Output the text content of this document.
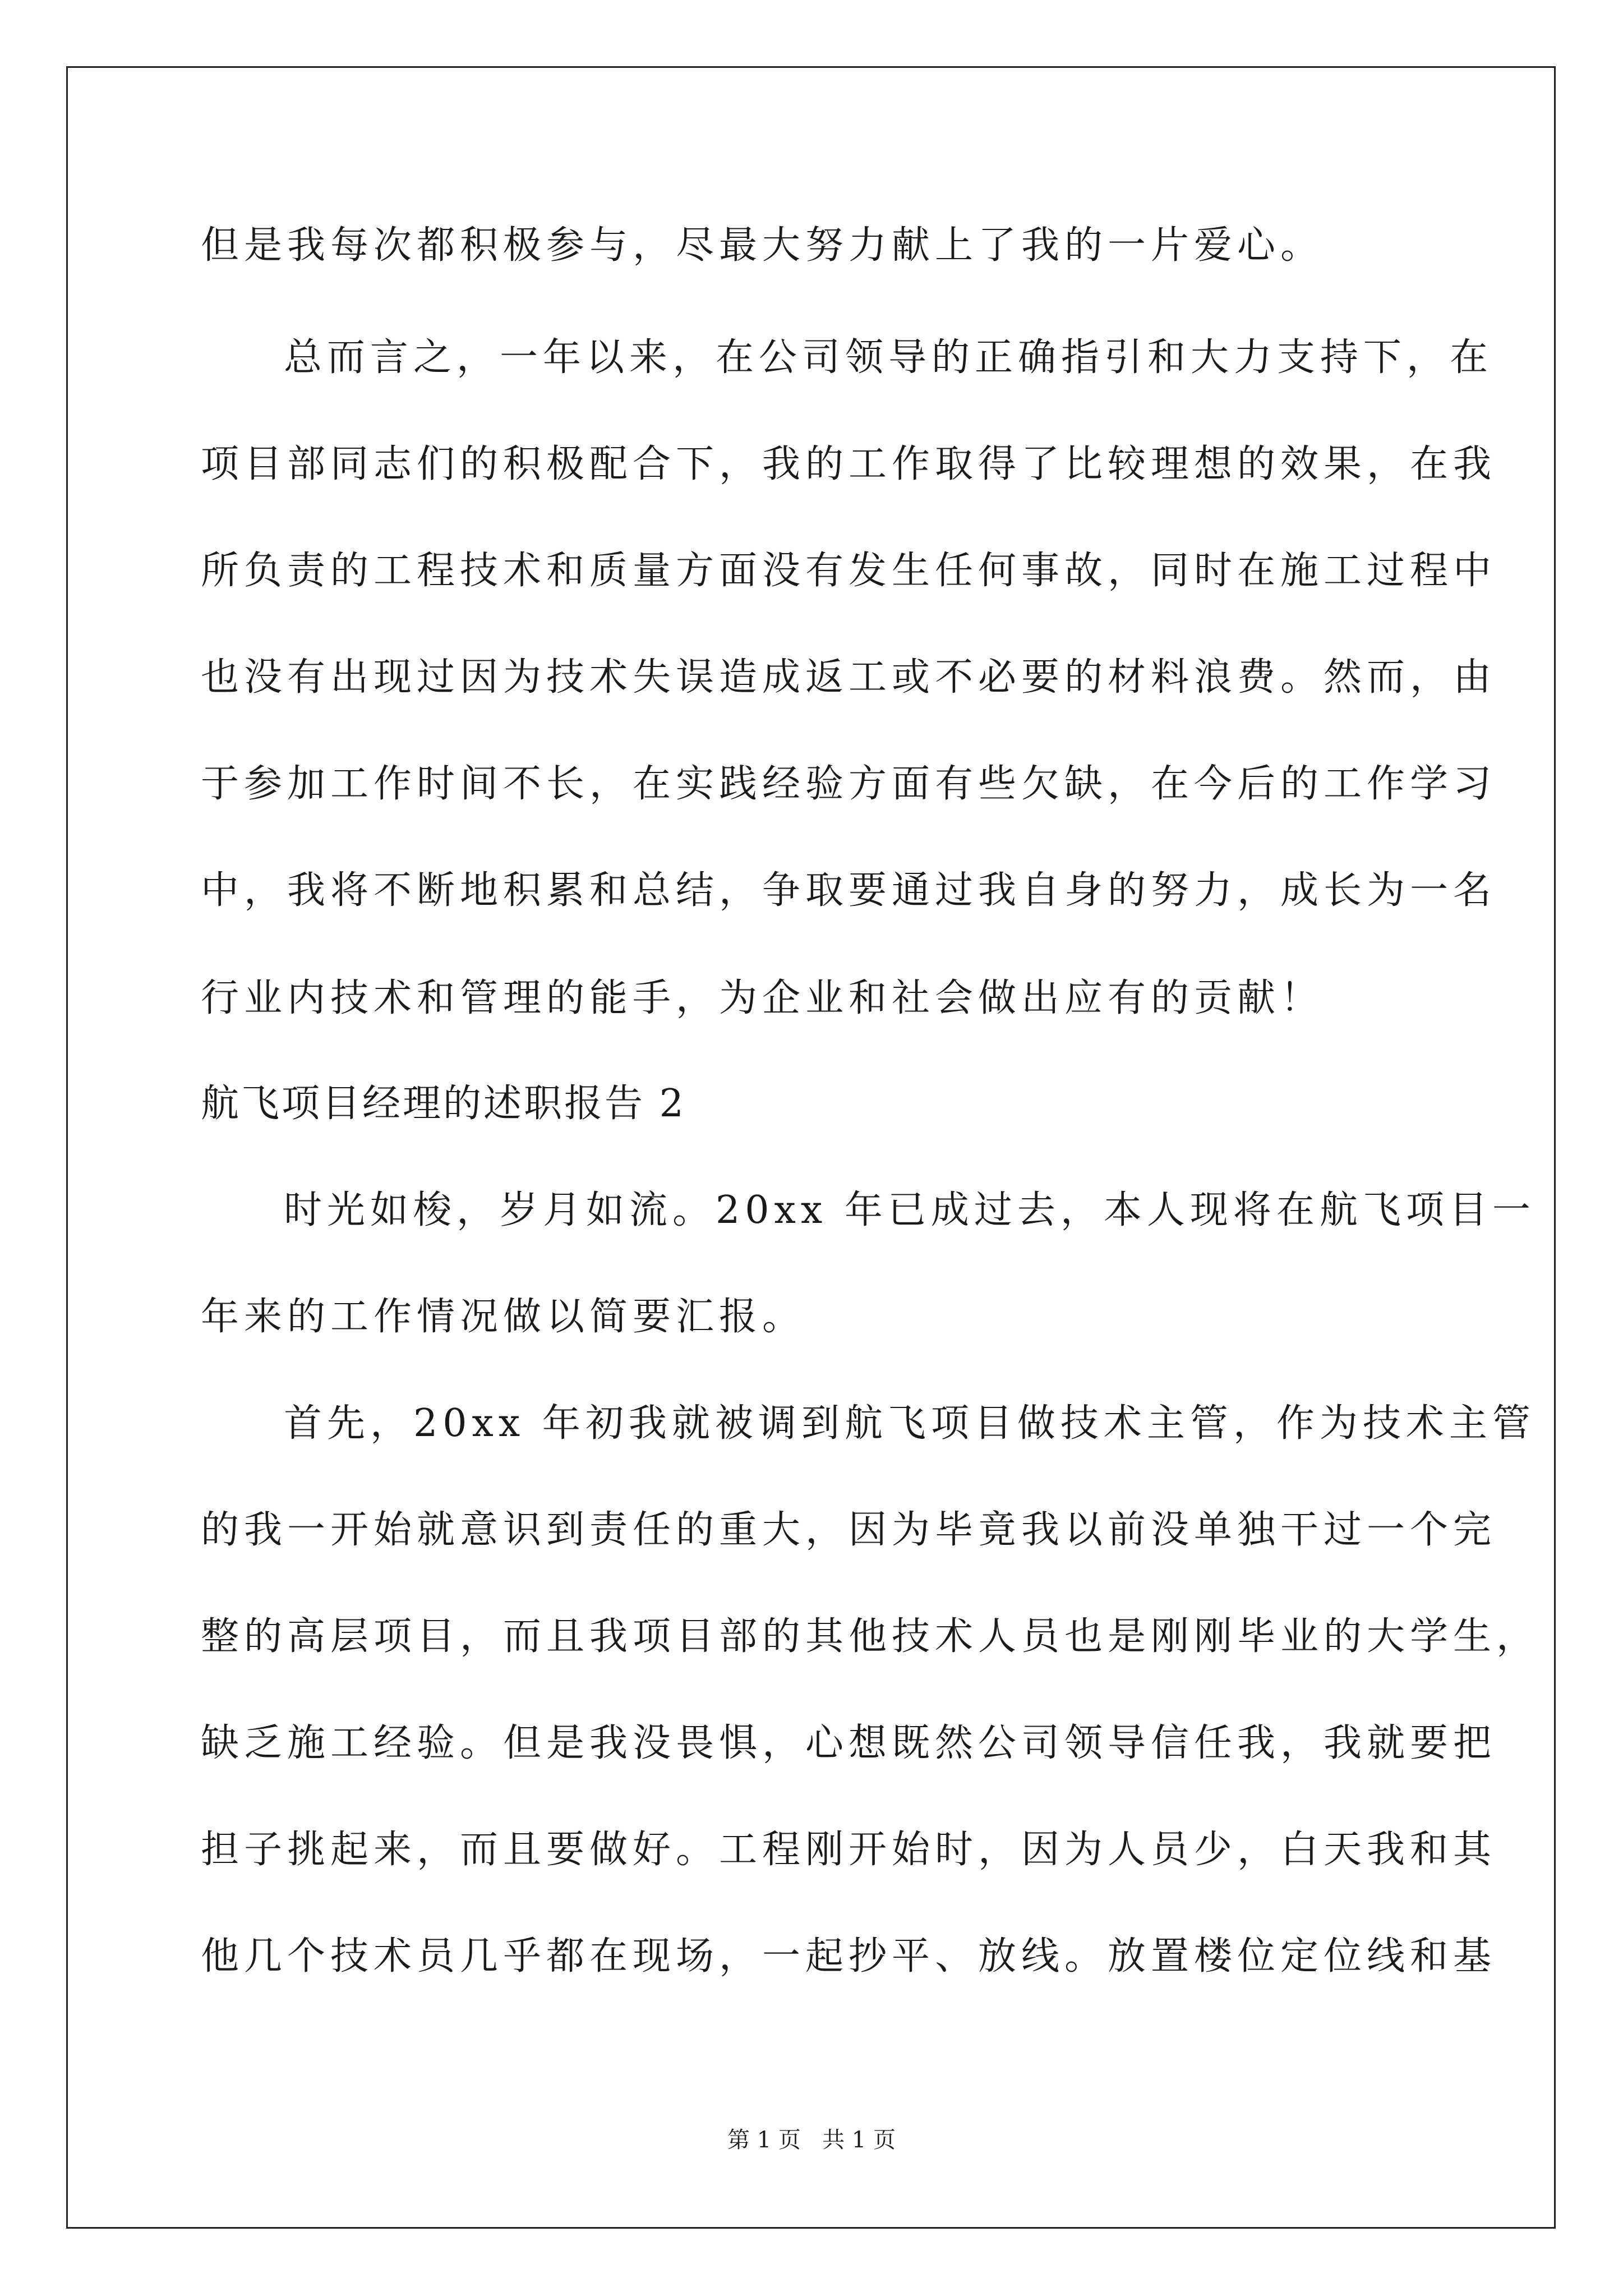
但是我每次都积极参与，尽最大努力献上了我的一片爱心。
总而言之，一年以来，在公司领导的正确指引和大力支持下，在
项目部同志们的积极配合下，我的工作取得了比较理想的效果，在我
所负责的工程技术和质量方面没有发生任何事故，同时在施工过程中
也没有出现过因为技术失误造成返工或不必要的材料浪费。然而，由
于参加工作时间不长，在实践经验方面有些欠缺，在今后的工作学习
中，我将不断地积累和总结，争取要通过我自身的努力，成长为一名
行业内技术和管理的能手，为企业和社会做出应有的贡献！
航飞项目经理的述职报告 2
时光如梭，岁月如流。20xx 年已成过去，本人现将在航飞项目一
年来的工作情况做以简要汇报。
首先，20xx 年初我就被调到航飞项目做技术主管，作为技术主管
的我一开始就意识到责任的重大，因为毕竟我以前没单独干过一个完
整的高层项目，而且我项目部的其他技术人员也是刚刚毕业的大学生，
缺乏施工经验。但是我没畏惧，心想既然公司领导信任我，我就要把
担子挑起来，而且要做好。工程刚开始时，因为人员少，白天我和其
他几个技术员几乎都在现场，一起抄平、放线。放置楼位定位线和基
第 1 页   共 1 页
